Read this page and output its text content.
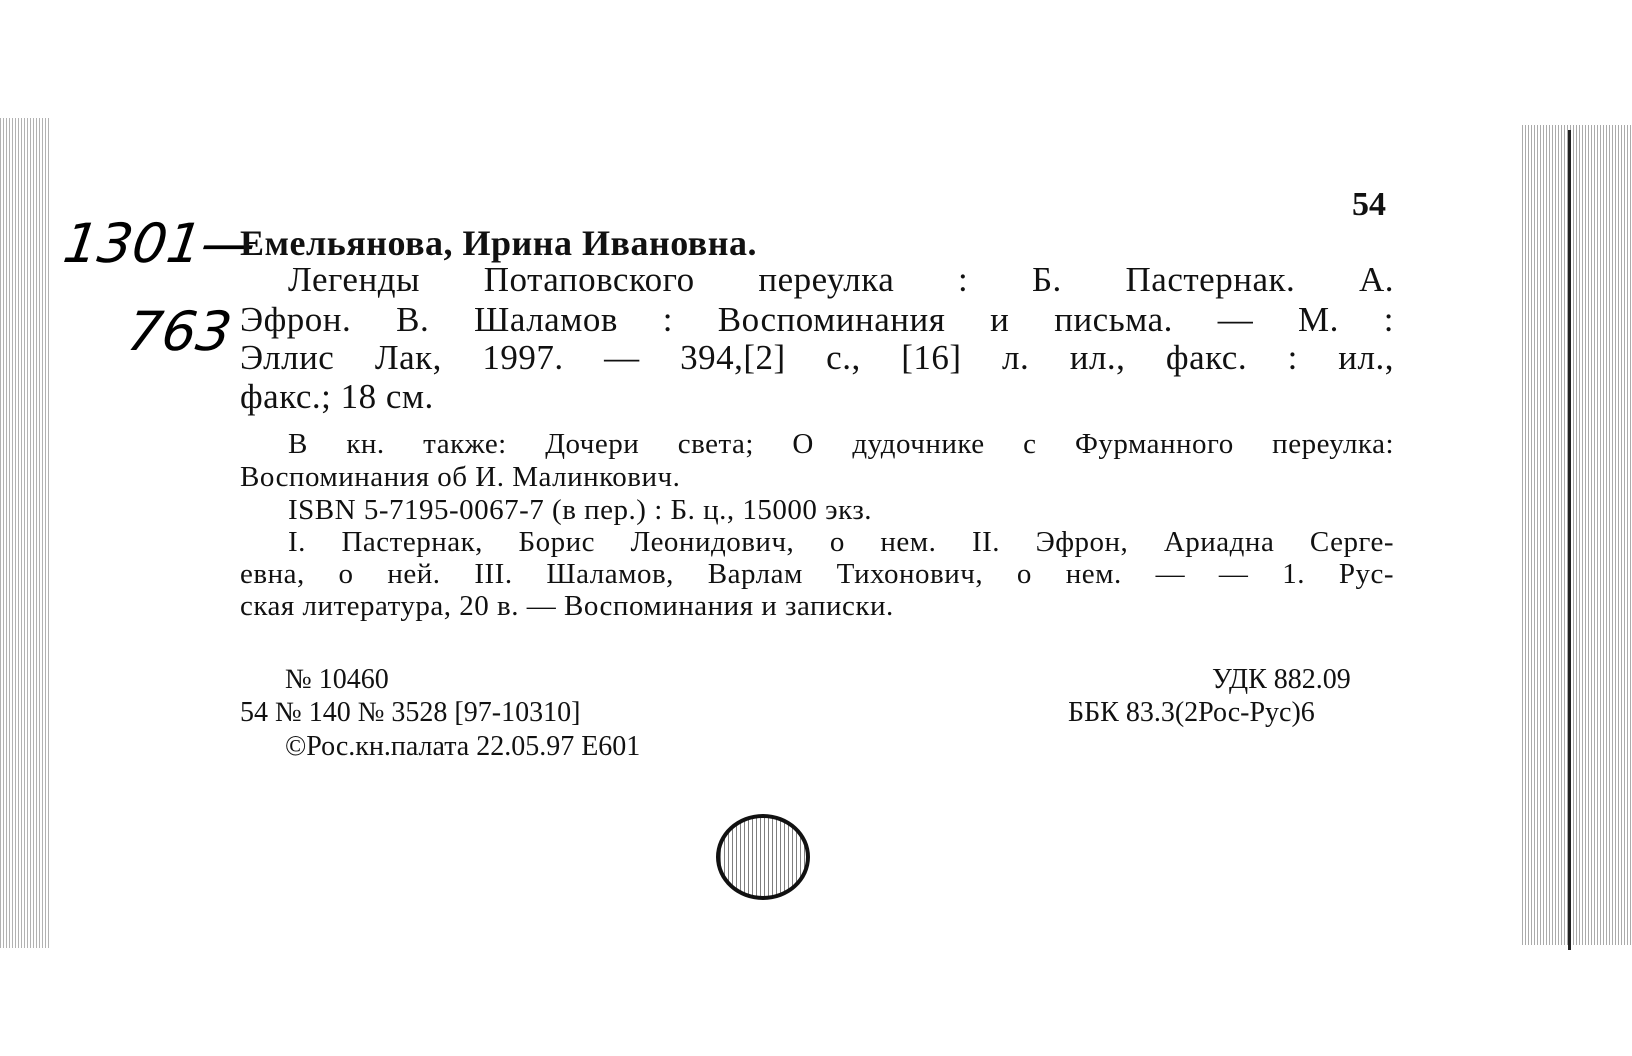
54
1301—
763
Емельянова, Ирина Ивановна.
Легенды Потаповского переулка : Б. Пастернак. А.
Эфрон. В. Шаламов : Воспоминания и письма. — М. :
Эллис Лак, 1997. — 394,[2] с., [16] л. ил., факс. : ил.,
факс.; 18 см.
В кн. также: Дочери света; О дудочнике с Фурманного переулка:
Воспоминания об И. Малинкович.
ISBN 5-7195-0067-7 (в пер.) : Б. ц., 15000 экз.
I. Пастернак, Борис Леонидович, о нем. II. Эфрон, Ариадна Серге-
евна, о ней. III. Шаламов, Варлам Тихонович, о нем. — — 1. Рус-
ская литература, 20 в. — Воспоминания и записки.
№ 10460
54 № 140 № 3528 [97-10310]
©Рос.кн.палата 22.05.97 Е601
УДК 882.09
ББК 83.3(2Рос-Рус)6
